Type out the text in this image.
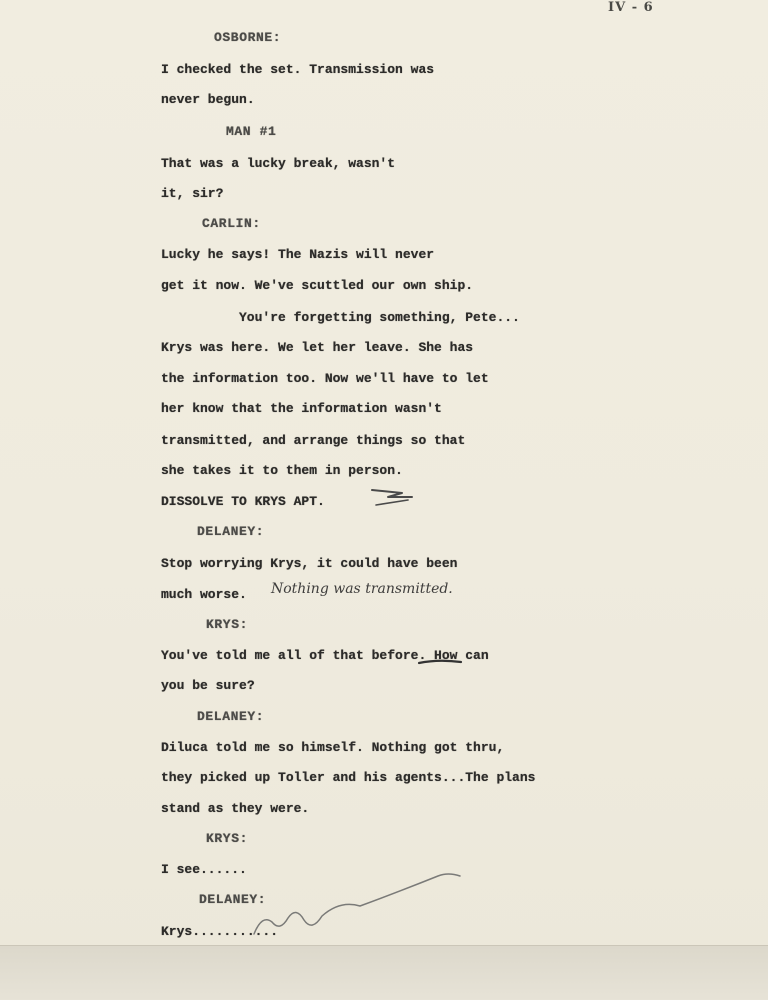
IV - 6

OSBORNE:

I checked the set. Transmission was

never begun.

MAN #1

That was a lucky break, wasn't

it, sir?

CARLIN:

Lucky he says! The Nazis will never

get it now. We've scuttled our own ship.

You're forgetting something, Pete...

Krys was here. We let her leave. She has

the information too. Now we'll have to let

her know that the information wasn't

transmitted, and arrange things so that

she takes it to them in person.

DISSOLVE TO KRYS APT.

DELANEY:

Stop worrying Krys, it could have been

much worse. Nothing was transmitted.

KRYS:

You've told me all of that before. How can

you be sure?

DELANEY:

Diluca told me so himself. Nothing got thru,

they picked up Toller and his agents...The plans

stand as they were.

KRYS:

I see......

DELANEY:

Krys...........
